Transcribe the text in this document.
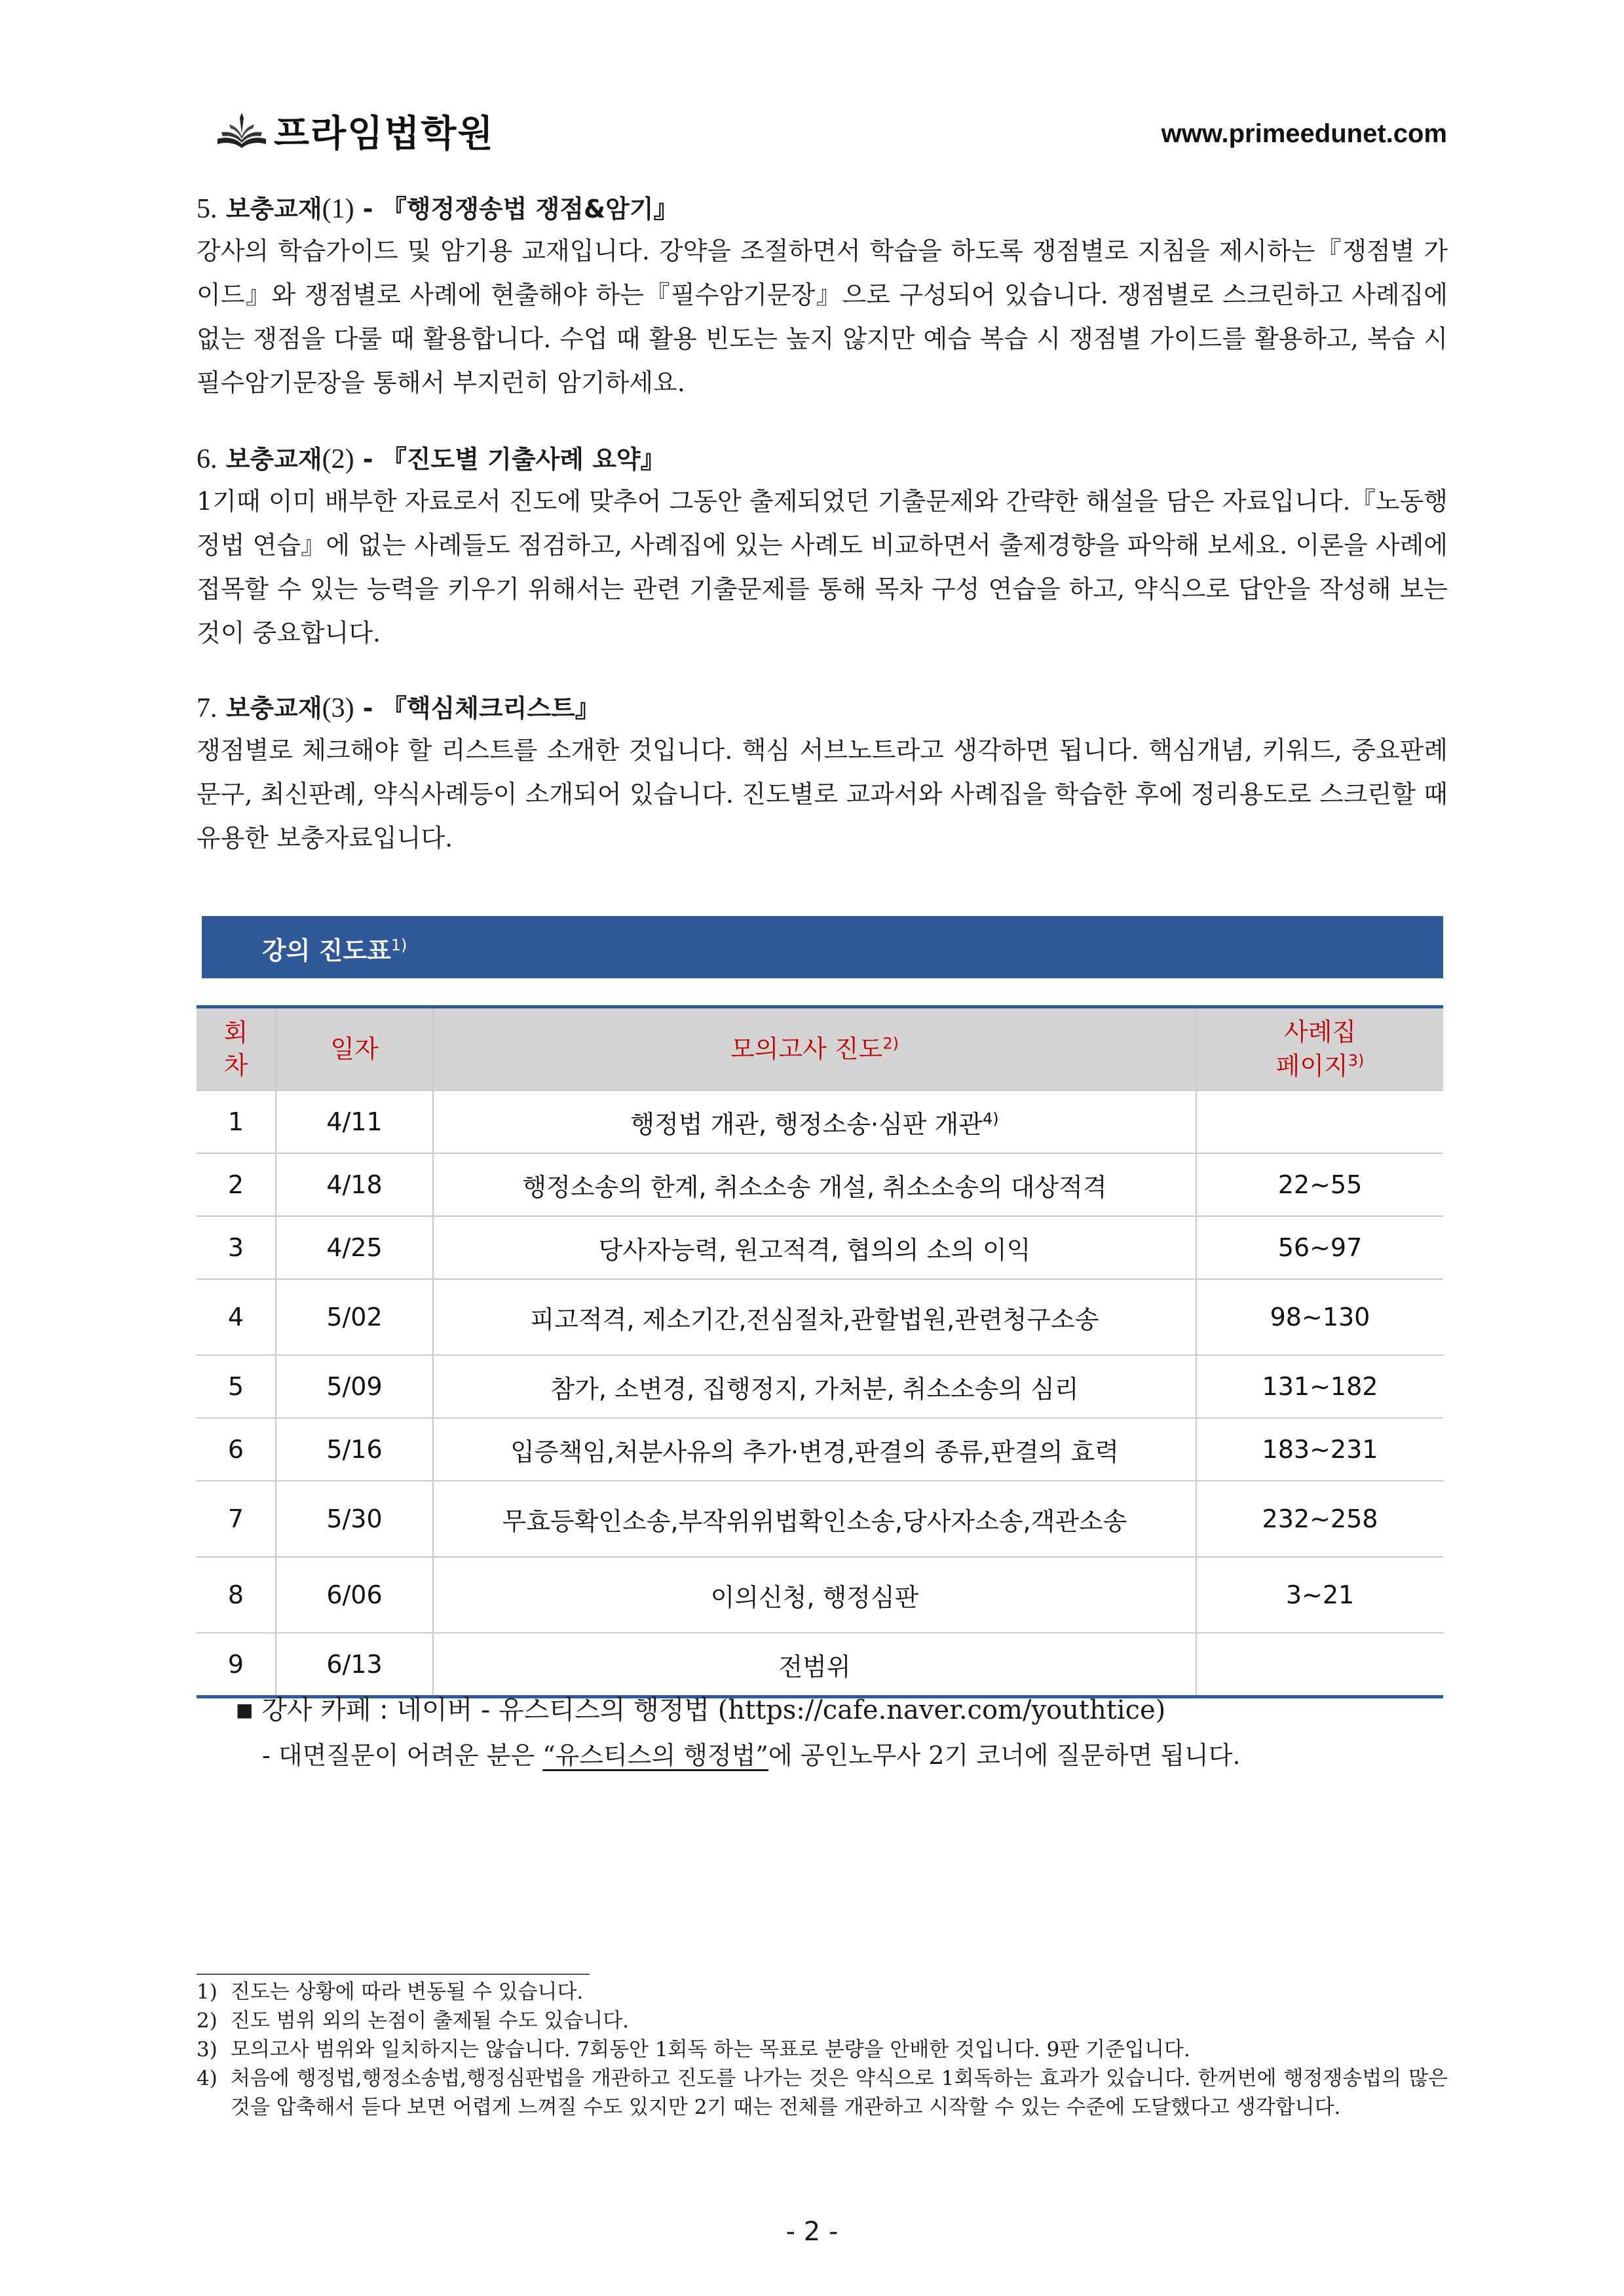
프라임법학원	www.primeedunet.com
5. 보충교재(1) - 『행정쟁송법 쟁점&암기』
강사의 학습가이드 및 암기용 교재입니다. 강약을 조절하면서 학습을 하도록 쟁점별로 지침을 제시하는『쟁점별 가이드』와 쟁점별로 사례에 현출해야 하는『필수암기문장』으로 구성되어 있습니다. 쟁점별로 스크린하고 사례집에 없는 쟁점을 다룰 때 활용합니다. 수업 때 활용 빈도는 높지 않지만 예습 복습 시 쟁점별 가이드를 활용하고, 복습 시 필수암기문장을 통해서 부지런히 암기하세요.
6. 보충교재(2) - 『진도별 기출사례 요약』
1기때 이미 배부한 자료로서 진도에 맞추어 그동안 출제되었던 기출문제와 간략한 해설을 담은 자료입니다.『노동행정법 연습』에 없는 사례들도 점검하고, 사례집에 있는 사례도 비교하면서 출제경향을 파악해 보세요. 이론을 사례에 접목할 수 있는 능력을 키우기 위해서는 관련 기출문제를 통해 목차 구성 연습을 하고, 약식으로 답안을 작성해 보는 것이 중요합니다.
7. 보충교재(3) - 『핵심체크리스트』
쟁점별로 체크해야 할 리스트를 소개한 것입니다. 핵심 서브노트라고 생각하면 됩니다. 핵심개념, 키워드, 중요판례문구, 최신판례, 약식사례등이 소개되어 있습니다. 진도별로 교과서와 사례집을 학습한 후에 정리용도로 스크린할 때 유용한 보충자료입니다.
강의 진도표$^{1)}$
회차	일자	모의고사 진도$^{2)}$	사례집
페이지$^{3)}$
1	4/11	행정법 개관, 행정소송·심판 개관$^{4)}$	
2	4/18	행정소송의 한계, 취소소송 개설, 취소소송의 대상적격	22~55
3	4/25	당사자능력, 원고적격, 협의의 소의 이익	56~97
4	5/02	피고적격, 제소기간,전심절차,관할법원,관련청구소송	98~130
5	5/09	참가, 소변경, 집행정지, 가처분, 취소소송의 심리	131~182
6	5/16	입증책임,처분사유의 추가·변경,판결의 종류,판결의 효력	183~231
7	5/30	무효등확인소송,부작위위법확인소송,당사자소송,객관소송	232~258
8	6/06	이의신청, 행정심판	3~21
9	6/13	전범위	
■ 강사 카페 : 네이버 - 유스티스의 행정법 (https://cafe.naver.com/youthtice)
- 대면질문이 어려운 분은 “유스티스의 행정법”에 공인노무사 2기 코너에 질문하면 됩니다.
1) 진도는 상황에 따라 변동될 수 있습니다.
2) 진도 범위 외의 논점이 출제될 수도 있습니다.
3) 모의고사 범위와 일치하지는 않습니다. 7회동안 1회독 하는 목표로 분량을 안배한 것입니다. 9판 기준입니다.
4) 처음에 행정법,행정소송법,행정심판법을 개관하고 진도를 나가는 것은 약식으로 1회독하는 효과가 있습니다. 한꺼번에 행정쟁송법의 많은 것을 압축해서 듣다 보면 어렵게 느껴질 수도 있지만 2기 때는 전체를 개관하고 시작할 수 있는 수준에 도달했다고 생각합니다.
- 2 -
